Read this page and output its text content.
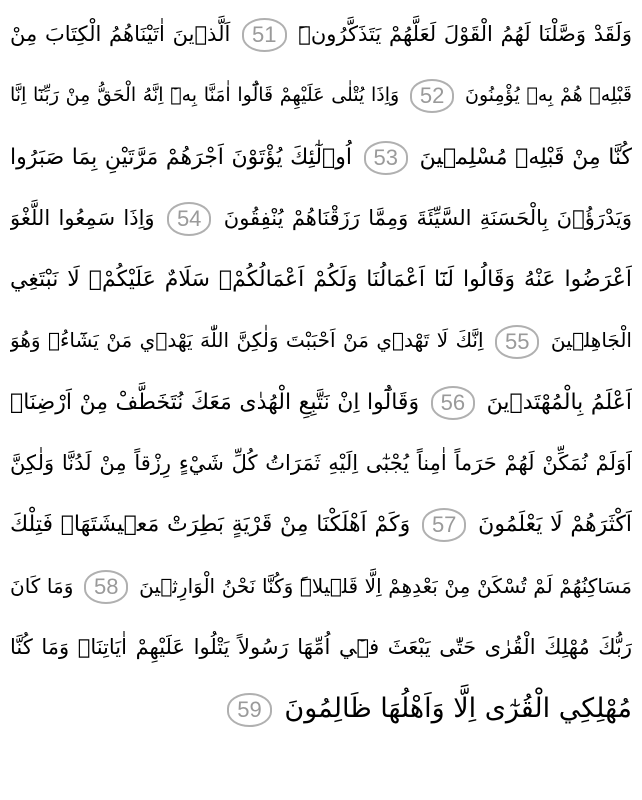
وَلَقَدْ وَصَّلْنَا لَهُمُ الْقَوْلَ لَعَلَّهُمْ يَتَذَكَّرُونَۜ 51 اَلَّذ۪ينَ اٰتَيْنَاهُمُ الْكِتَابَ مِنْ
قَبْلِه۪ هُمْ بِه۪ يُؤْمِنُونَ 52 وَاِذَا يُتْلٰى عَلَيْهِمْ قَالُٓوا اٰمَنَّا بِه۪ٓ اِنَّهُ الْحَقُّ مِنْ رَبِّنَٓا اِنَّا
كُنَّا مِنْ قَبْلِه۪ مُسْلِم۪ينَ 53 اُو۬لٰٓئِكَ يُؤْتَوْنَ اَجْرَهُمْ مَرَّتَيْنِ بِمَا صَبَرُوا
وَيَدْرَؤُ۫نَ بِالْحَسَنَةِ السَّيِّئَةَ وَمِمَّا رَزَقْنَاهُمْ يُنْفِقُونَ 54 وَاِذَا سَمِعُوا اللَّغْوَ
اَعْرَضُوا عَنْهُ وَقَالُوا لَنَٓا اَعْمَالُنَا وَلَكُمْ اَعْمَالُكُمْۘ سَلَامٌ عَلَيْكُمْۘ لَا نَبْتَغِي
الْجَاهِل۪ينَ 55 اِنَّكَ لَا تَهْد۪ي مَنْ اَحْبَبْتَ وَلٰكِنَّ اللّٰهَ يَهْد۪ي مَنْ يَشَٓاءُۚ وَهُوَ
اَعْلَمُ بِالْمُهْتَد۪ينَ 56 وَقَالُٓوا اِنْ نَتَّبِعِ الْهُدٰى مَعَكَ نُتَخَطَّفْ مِنْ اَرْضِنَاۜ
اَوَلَمْ نُمَكِّنْ لَهُمْ حَرَماً اٰمِناً يُجْبٰٓى اِلَيْهِ ثَمَرَاتُ كُلِّ شَيْءٍ رِزْقاً مِنْ لَدُنَّا وَلٰكِنَّ
اَكْثَرَهُمْ لَا يَعْلَمُونَ 57 وَكَمْ اَهْلَكْنَا مِنْ قَرْيَةٍ بَطِرَتْ مَع۪يشَتَهَاۚ فَتِلْكَ
مَسَاكِنُهُمْ لَمْ تُسْكَنْ مِنْ بَعْدِهِمْ اِلَّا قَل۪يلاًۜ وَكُنَّا نَحْنُ الْوَارِث۪ينَ 58 وَمَا كَانَ
رَبُّكَ مُهْلِكَ الْقُرٰى حَتّٰى يَبْعَثَ ف۪ٓي اُمِّهَا رَسُولاً يَتْلُوا عَلَيْهِمْ اٰيَاتِنَاۚ وَمَا كُنَّا
مُهْلِكِي الْقُرٰٓى اِلَّا وَاَهْلُهَا ظَالِمُونَ 59
